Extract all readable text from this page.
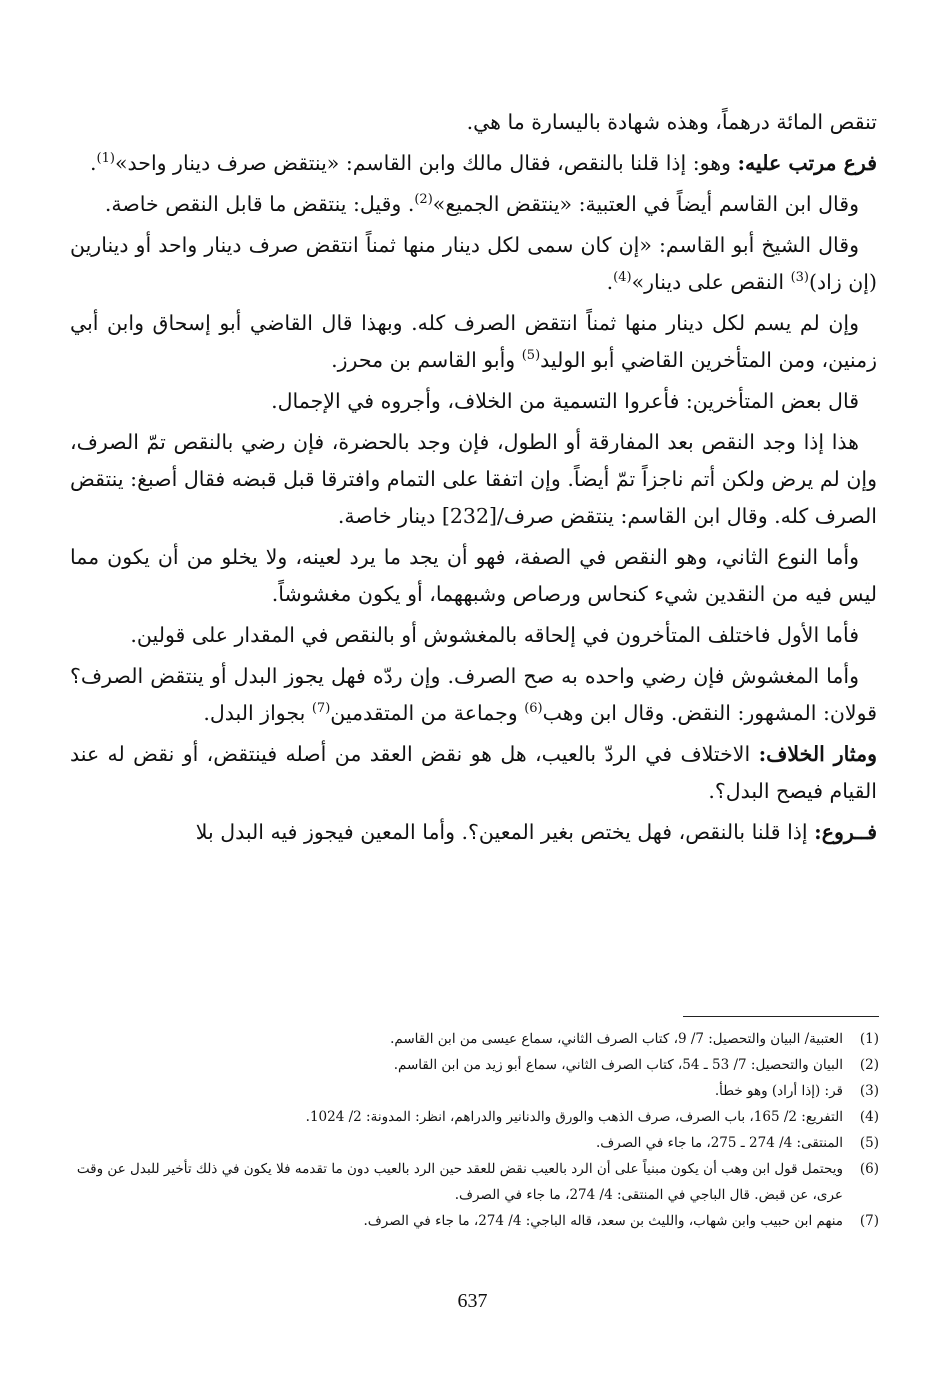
تنقص المائة درهماً، وهذه شهادة باليسارة ما هي.

فرع مرتب عليه: وهو: إذا قلنا بالنقص، فقال مالك وابن القاسم: «ينتقض صرف دينار واحد»$^{(1)}$.

وقال ابن القاسم أيضاً في العتبية: «ينتقض الجميع»$^{(2)}$. وقيل: ينتقض ما قابل النقص خاصة.

وقال الشيخ أبو القاسم: «إن كان سمى لكل دينار منها ثمناً انتقض صرف دينار واحد أو دينارين (إن زاد)$^{(3)}$ النقص على دينار»$^{(4)}$.

وإن لم يسم لكل دينار منها ثمناً انتقض الصرف كله. وبهذا قال القاضي أبو إسحاق وابن أبي زمنين، ومن المتأخرين القاضي أبو الوليد$^{(5)}$ وأبو القاسم بن محرز.

قال بعض المتأخرين: فأعروا التسمية من الخلاف، وأجروه في الإجمال.

هذا إذا وجد النقص بعد المفارقة أو الطول، فإن وجد بالحضرة، فإن رضي بالنقص تمّ الصرف، وإن لم يرض ولكن أتم ناجزاً تمّ أيضاً. وإن اتفقا على التمام وافترقا قبل قبضه فقال أصبغ: ينتقض الصرف كله. وقال ابن القاسم: ينتقض صرف/[232] دينار خاصة.

وأما النوع الثاني، وهو النقص في الصفة، فهو أن يجد ما يرد لعينه، ولا يخلو من أن يكون مما ليس فيه من النقدين شيء كنحاس ورصاص وشبههما، أو يكون مغشوشاً.

فأما الأول فاختلف المتأخرون في إلحاقه بالمغشوش أو بالنقص في المقدار على قولين.

وأما المغشوش فإن رضي واحده به صح الصرف. وإن ردّه فهل يجوز البدل أو ينتقض الصرف؟ قولان: المشهور: النقض. وقال ابن وهب$^{(6)}$ وجماعة من المتقدمين$^{(7)}$ بجواز البدل.

ومثار الخلاف: الاختلاف في الردّ بالعيب، هل هو نقض العقد من أصله فينتقض، أو نقض له عند القيام فيصح البدل؟.

فــروع: إذا قلنا بالنقص، فهل يختص بغير المعين؟. وأما المعين فيجوز فيه البدل بلا

(1)
العتبية/ البيان والتحصيل: 7/ 9، كتاب الصرف الثاني، سماع عيسى من ابن القاسم.
(2)
البيان والتحصيل: 7/ 53 ـ 54، كتاب الصرف الثاني، سماع أبو زيد من ابن القاسم.
(3)
قر: (إذا أراد) وهو خطأ.
(4)
التفريع: 2/ 165، باب الصرف، صرف الذهب والورق والدنانير والدراهم، انظر: المدونة: 2/ 1024.
(5)
المنتقى: 4/ 274 ـ 275، ما جاء في الصرف.
(6)
ويحتمل قول ابن وهب أن يكون مبنياً على أن الرد بالعيب نقض للعقد حين الرد بالعيب دون ما تقدمه فلا يكون في ذلك تأخير للبدل عن وقت عرى، عن قبض. قال الباجي في المنتقى: 4/ 274، ما جاء في الصرف.
(7)
منهم ابن حبيب وابن شهاب، والليث بن سعد، قاله الباجي: 4/ 274، ما جاء في الصرف.
637
